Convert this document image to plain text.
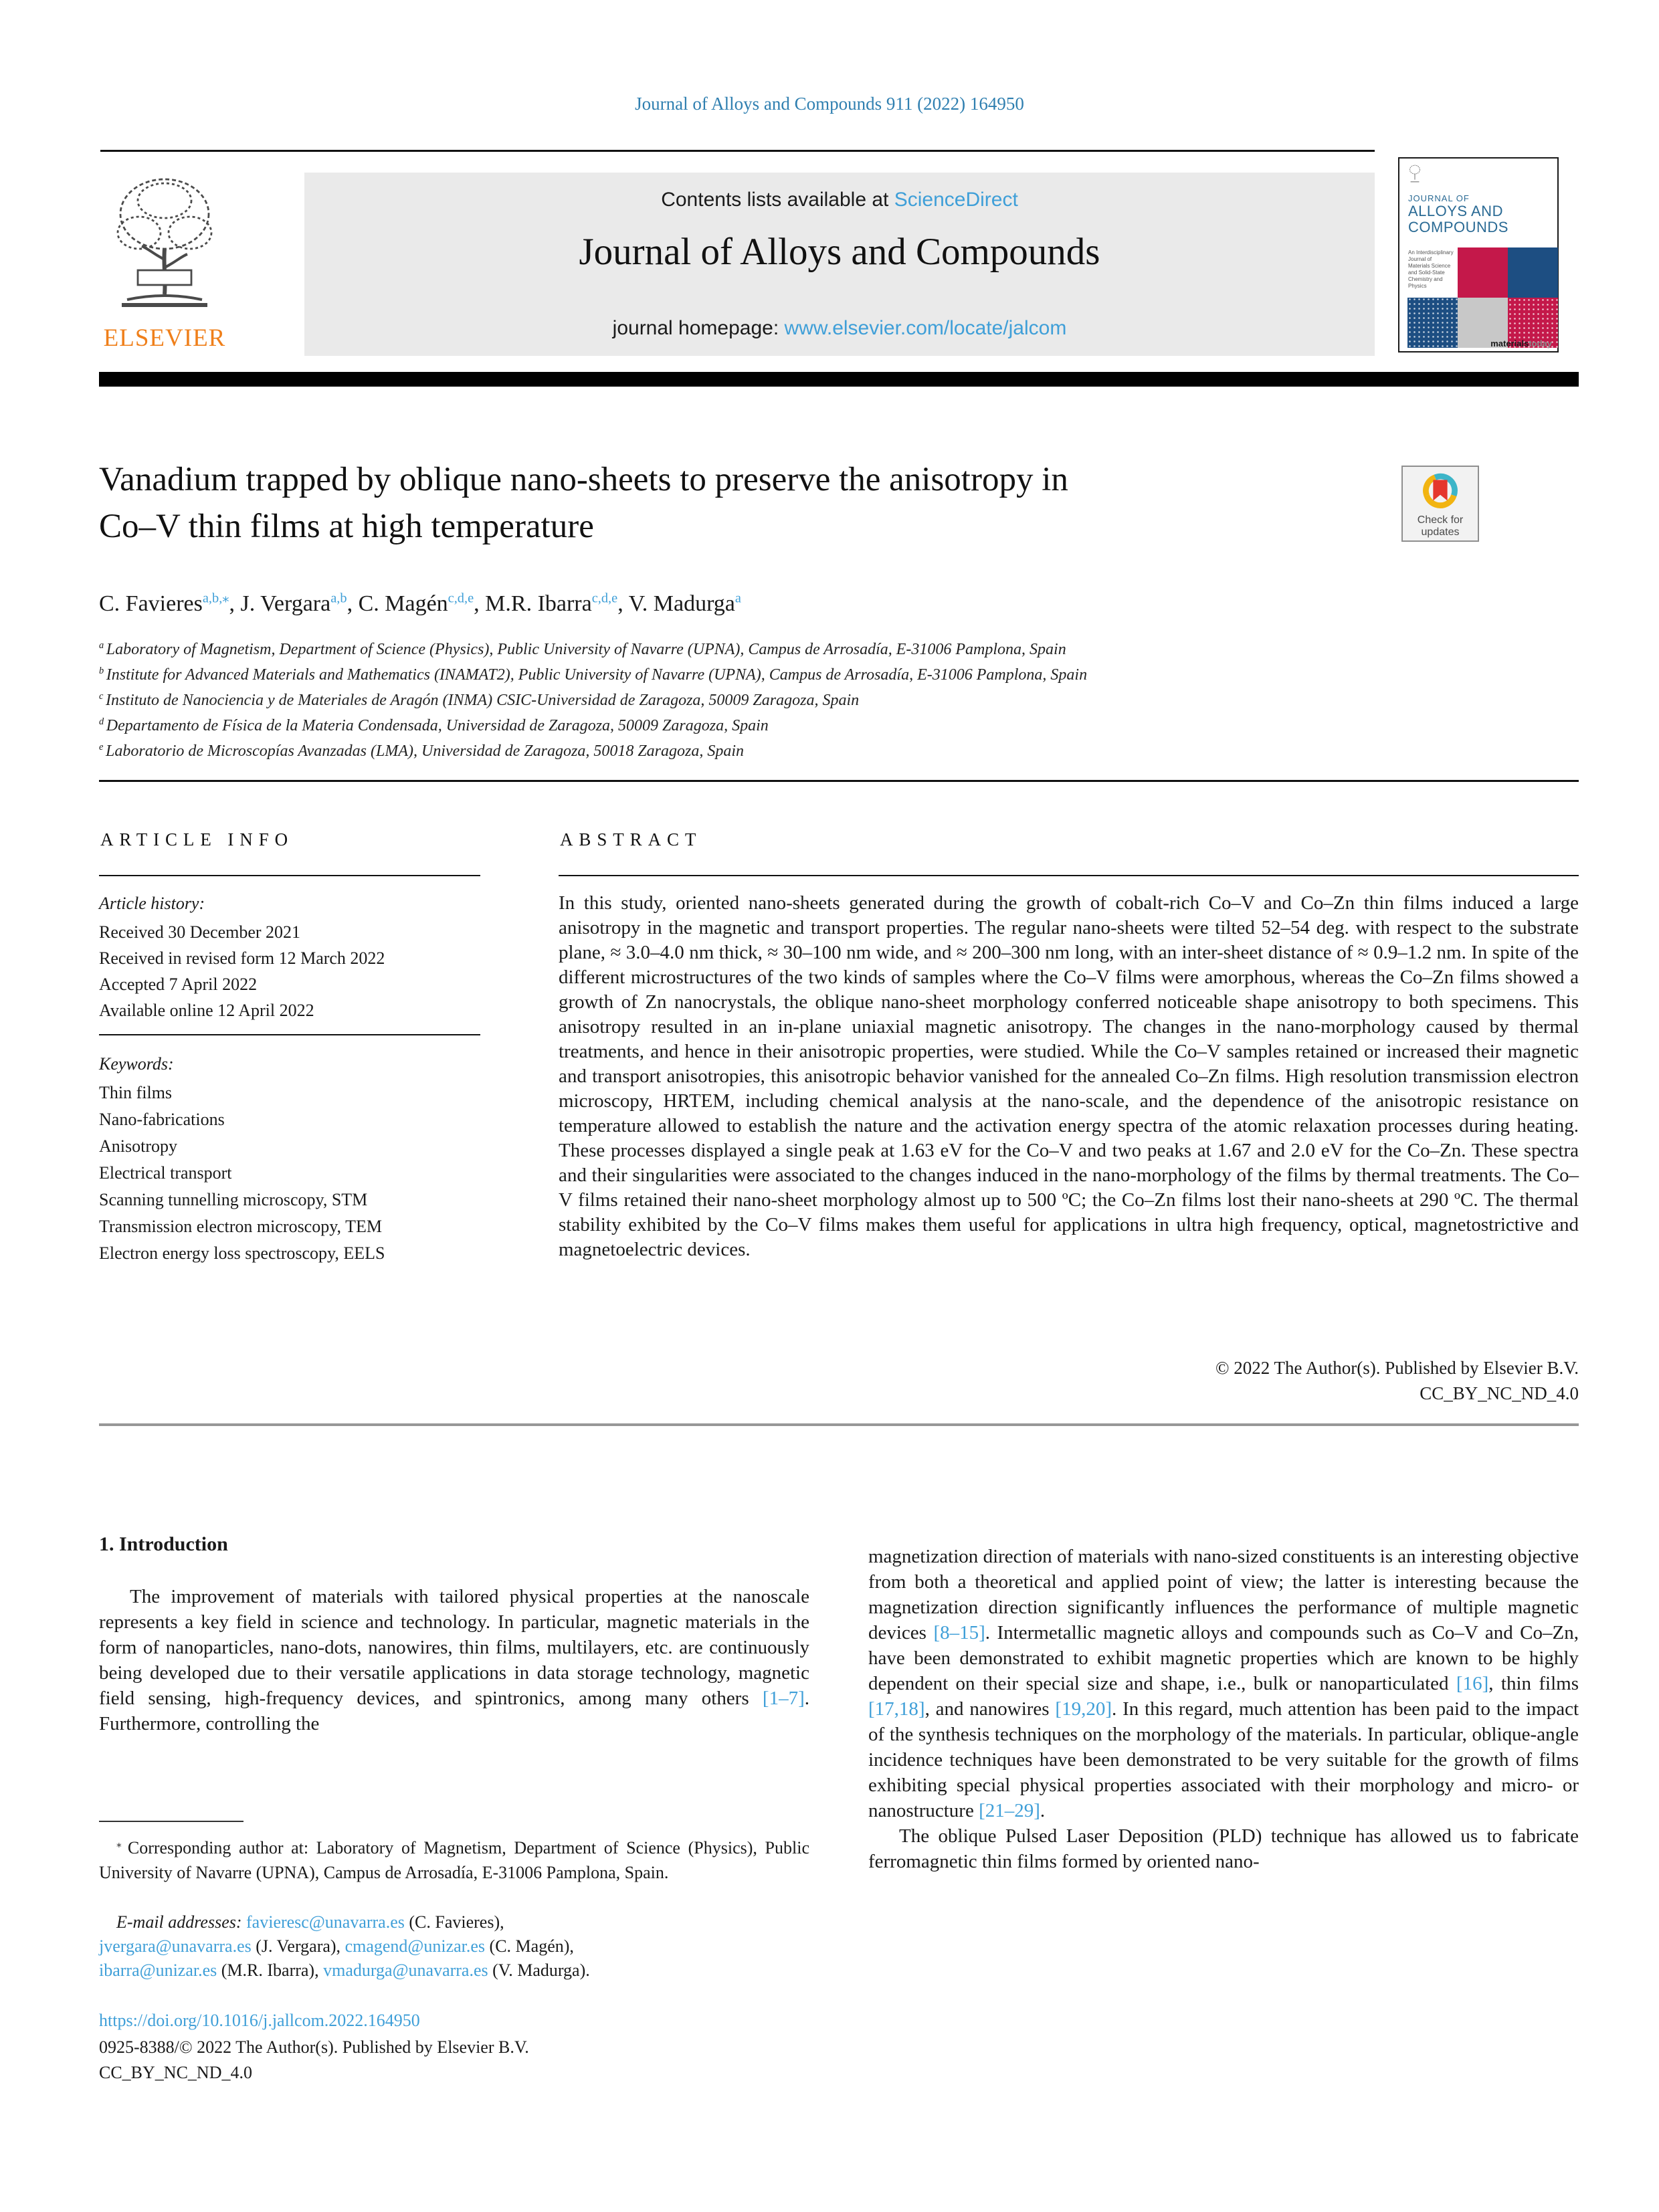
Journal of Alloys and Compounds 911 (2022) 164950
ELSEVIER
Contents lists available at ScienceDirect
Journal of Alloys and Compounds
journal homepage: www.elsevier.com/locate/jalcom
JOURNAL OF
ALLOYS AND
COMPOUNDS
An Interdisciplinary Journal of Materials Science and Solid-State Chemistry and Physics
materialstoday
Vanadium trapped by oblique nano-sheets to preserve the anisotropy in
Co–V thin films at high temperature	Check for updates
C. Favieres$^{a,b,⁎}$, J. Vergara$^{a,b}$, C. Magén$^{c,d,e}$, M.R. Ibarra$^{c,d,e}$, V. Madurga$^a$
$^a$ Laboratory of Magnetism, Department of Science (Physics), Public University of Navarre (UPNA), Campus de Arrosadía, E-31006 Pamplona, Spain
$^b$ Institute for Advanced Materials and Mathematics (INAMAT2), Public University of Navarre (UPNA), Campus de Arrosadía, E-31006 Pamplona, Spain
$^c$ Instituto de Nanociencia y de Materiales de Aragón (INMA) CSIC-Universidad de Zaragoza, 50009 Zaragoza, Spain
$^d$ Departamento de Física de la Materia Condensada, Universidad de Zaragoza, 50009 Zaragoza, Spain
$^e$ Laboratorio de Microscopías Avanzadas (LMA), Universidad de Zaragoza, 50018 Zaragoza, Spain
ARTICLE INFO
Article history:
Received 30 December 2021
Received in revised form 12 March 2022
Accepted 7 April 2022
Available online 12 April 2022
Keywords:
Thin films
Nano-fabrications
Anisotropy
Electrical transport
Scanning tunnelling microscopy, STM
Transmission electron microscopy, TEM
Electron energy loss spectroscopy, EELS
ABSTRACT
In this study, oriented nano-sheets generated during the growth of cobalt-rich Co–V and Co–Zn thin films induced a large anisotropy in the magnetic and transport properties. The regular nano-sheets were tilted 52–54 deg. with respect to the substrate plane, ≈ 3.0–4.0 nm thick, ≈ 30–100 nm wide, and ≈ 200–300 nm long, with an inter-sheet distance of ≈ 0.9–1.2 nm. In spite of the different microstructures of the two kinds of samples where the Co–V films were amorphous, whereas the Co–Zn films showed a growth of Zn nanocrystals, the oblique nano-sheet morphology conferred noticeable shape anisotropy to both specimens. This anisotropy resulted in an in-plane uniaxial magnetic anisotropy. The changes in the nano-morphology caused by thermal treatments, and hence in their anisotropic properties, were studied. While the Co–V samples retained or increased their magnetic and transport anisotropies, this anisotropic behavior vanished for the annealed Co–Zn films. High resolution transmission electron microscopy, HRTEM, including chemical analysis at the nano-scale, and the dependence of the anisotropic resistance on temperature allowed to establish the nature and the activation energy spectra of the atomic relaxation processes during heating. These processes displayed a single peak at 1.63 eV for the Co–V and two peaks at 1.67 and 2.0 eV for the Co–Zn. These spectra and their singularities were associated to the changes induced in the nano-morphology of the films by thermal treatments. The Co–V films retained their nano-sheet morphology almost up to 500 ºC; the Co–Zn films lost their nano-sheets at 290 ºC. The thermal stability exhibited by the Co–V films makes them useful for applications in ultra high frequency, optical, magnetostrictive and magnetoelectric devices.
© 2022 The Author(s). Published by Elsevier B.V.
CC_BY_NC_ND_4.0
1. Introduction
The improvement of materials with tailored physical properties at the nanoscale represents a key field in science and technology. In particular, magnetic materials in the form of nanoparticles, nano-dots, nanowires, thin films, multilayers, etc. are continuously being developed due to their versatile applications in data storage technology, magnetic field sensing, high-frequency devices, and spintronics, among many others [1–7]. Furthermore, controlling the
magnetization direction of materials with nano-sized constituents is an interesting objective from both a theoretical and applied point of view; the latter is interesting because the magnetization direction significantly influences the performance of multiple magnetic devices [8–15]. Intermetallic magnetic alloys and compounds such as Co–V and Co–Zn, have been demonstrated to exhibit magnetic properties which are known to be highly dependent on their special size and shape, i.e., bulk or nanoparticulated [16], thin films [17,18], and nanowires [19,20]. In this regard, much attention has been paid to the impact of the synthesis techniques on the morphology of the materials. In particular, oblique-angle incidence techniques have been demonstrated to be very suitable for the growth of films exhibiting special physical properties associated with their morphology and micro- or nanostructure [21–29].
The oblique Pulsed Laser Deposition (PLD) technique has allowed us to fabricate ferromagnetic thin films formed by oriented nano-
⁎ Corresponding author at: Laboratory of Magnetism, Department of Science (Physics), Public University of Navarre (UPNA), Campus de Arrosadía, E-31006 Pamplona, Spain.
E-mail addresses: favieresc@unavarra.es (C. Favieres),
jvergara@unavarra.es (J. Vergara), cmagend@unizar.es (C. Magén),
ibarra@unizar.es (M.R. Ibarra), vmadurga@unavarra.es (V. Madurga).
https://doi.org/10.1016/j.jallcom.2022.164950
0925-8388/© 2022 The Author(s). Published by Elsevier B.V.
CC_BY_NC_ND_4.0
